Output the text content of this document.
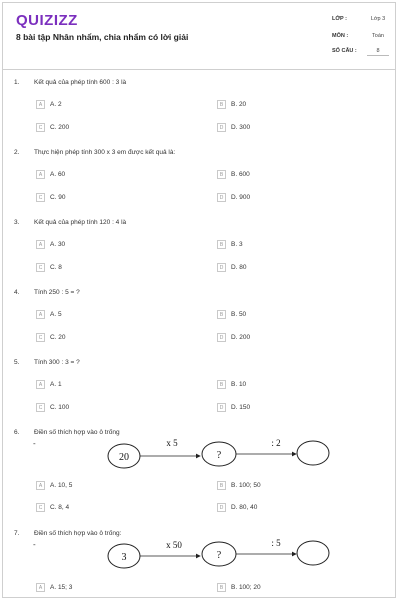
QUIZIZZ
8 bài tập Nhân nhẩm, chia nhẩm có lời giải
LỚP :	Lớp 3
MÔN :	Toán
SỐ CÂU :	8
1. Kết quả của phép tính 600 : 3 là
A	A. 2	B	B. 20
C	C. 200	D	D. 300
2. Thực hiện phép tính 300 x 3 em được kết quả là:
A	A. 60	B	B. 600
C	C. 90	D	D. 900
3. Kết quả của phép tính 120 : 4 là
A	A. 30	B	B. 3
C	C. 8	D	D. 80
4. Tính 250 : 5 = ?
A	A. 5	B	B. 50
C	C. 20	D	D. 200
5. Tính 300 : 3 = ?
A	A. 1	B	B. 10
C	C. 100	D	D. 150
6. Điền số thích hợp vào ô trống
-
20
x 5
?
: 2
A	A. 10, 5	B	B. 100; 50
C	C. 8, 4	D	D. 80, 40
7. Điền số thích hợp vào ô trống:
-
3
x 50
?
: 5
A	A. 15; 3	B	B. 100; 20
